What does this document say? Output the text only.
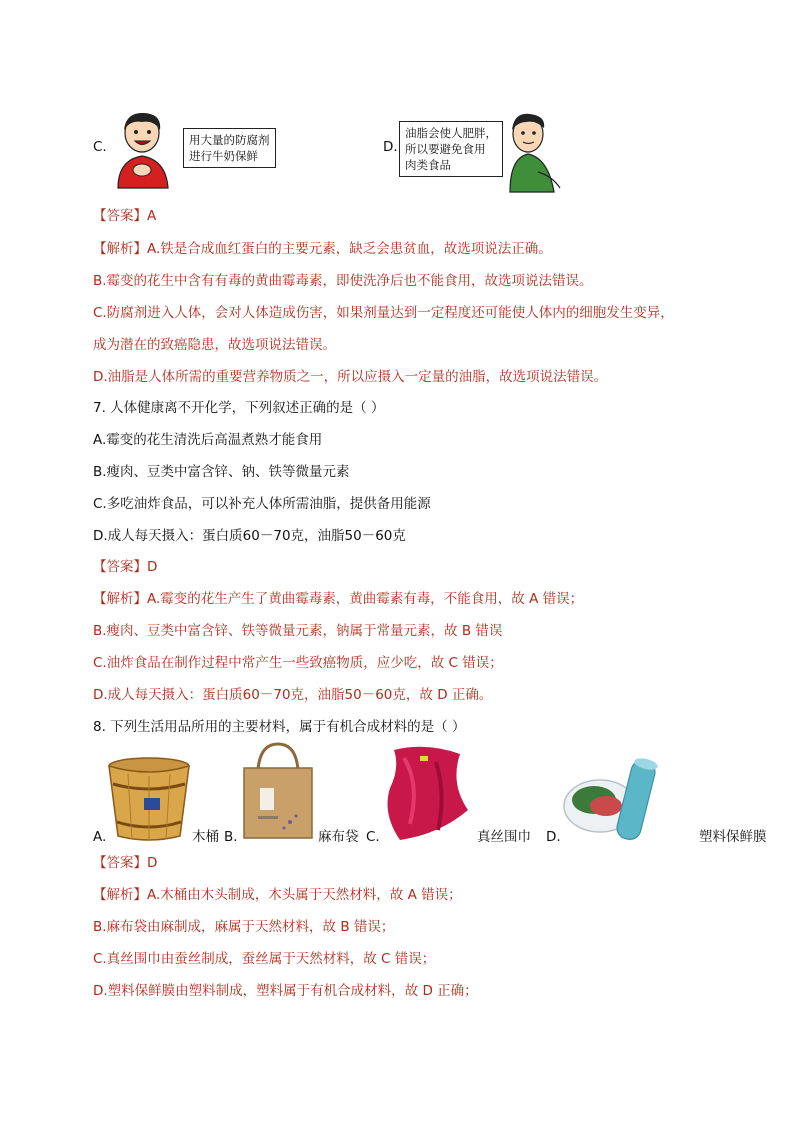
C.	用大量的防腐剂
进行牛奶保鲜
D.
油脂会使人肥胖，
所以要避免食用
肉类食品
【答案】A
【解析】A.铁是合成血红蛋白的主要元素，缺乏会患贫血，故选项说法正确。
B.霉变的花生中含有有毒的黄曲霉毒素，即使洗净后也不能食用，故选项说法错误。
C.防腐剂进入人体，会对人体造成伤害，如果剂量达到一定程度还可能使人体内的细胞发生变异，
成为潜在的致癌隐患，故选项说法错误。
D.油脂是人体所需的重要营养物质之一，所以应摄入一定量的油脂，故选项说法错误。
7. 人体健康离不开化学，下列叙述正确的是（ ）
A.霉变的花生清洗后高温煮熟才能食用
B.瘦肉、豆类中富含锌、钠、铁等微量元素
C.多吃油炸食品，可以补充人体所需油脂，提供备用能源
D.成人每天摄入：蛋白质60－70克，油脂50－60克
【答案】D
【解析】A.霉变的花生产生了黄曲霉毒素，黄曲霉素有毒，不能食用，故 A 错误；
B.瘦肉、豆类中富含锌、铁等微量元素，钠属于常量元素，故 B 错误
C.油炸食品在制作过程中常产生一些致癌物质，应少吃，故 C 错误；
D.成人每天摄入：蛋白质60－70克，油脂50－60克，故 D 正确。
8. 下列生活用品所用的主要材料，属于有机合成材料的是（ ）
A.	木桶 B.	麻布袋 C.	真丝围巾 D.	塑料保鲜膜
【答案】D
【解析】A.木桶由木头制成，木头属于天然材料，故 A 错误；
B.麻布袋由麻制成，麻属于天然材料，故 B 错误；
C.真丝围巾由蚕丝制成，蚕丝属于天然材料，故 C 错误；
D.塑料保鲜膜由塑料制成，塑料属于有机合成材料，故 D 正确；
